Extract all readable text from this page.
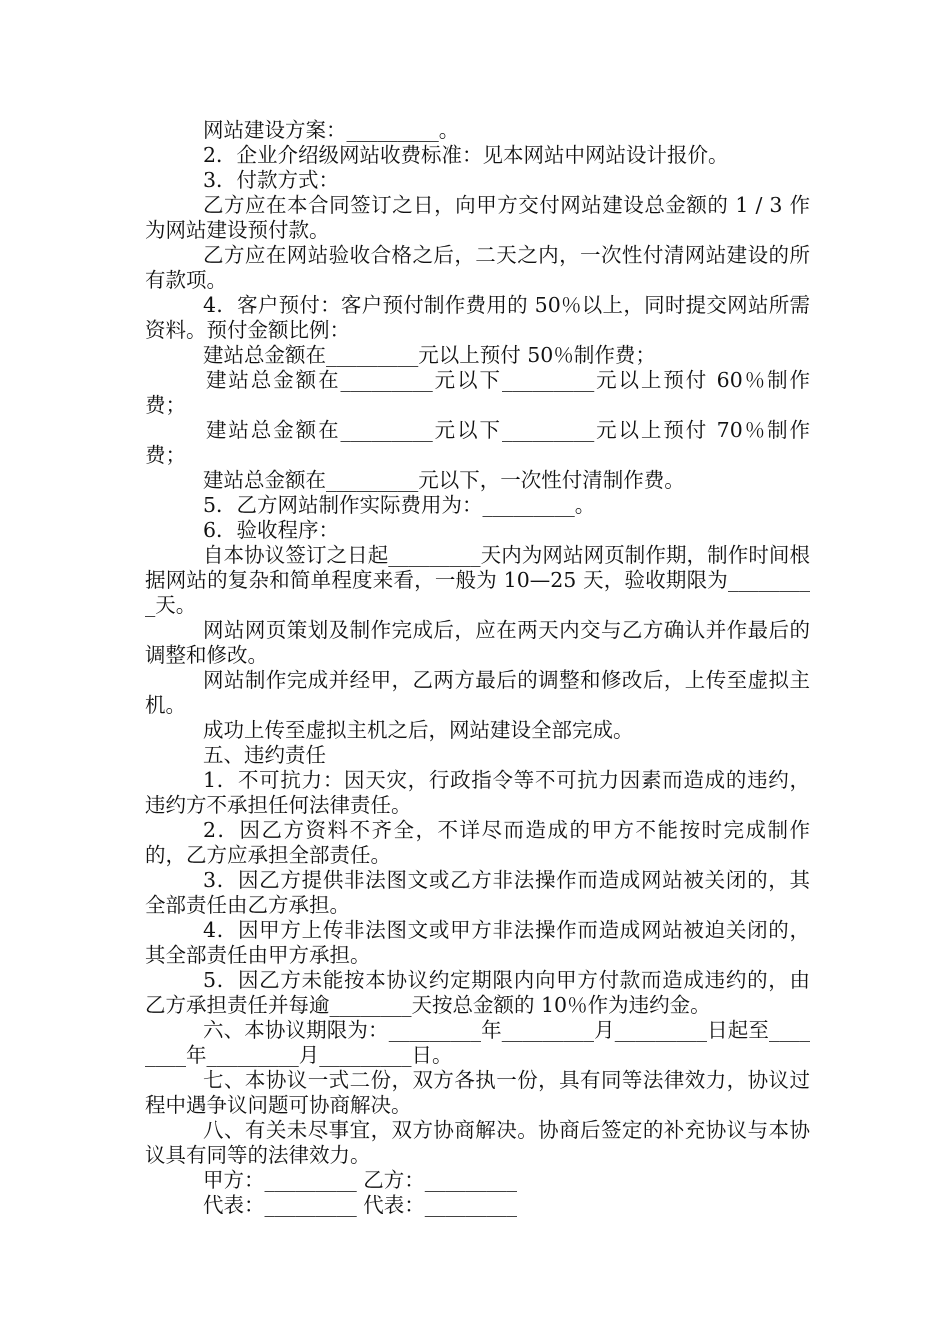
网站建设方案：_________。

2．企业介绍级网站收费标准：见本网站中网站设计报价。

3．付款方式：

乙方应在本合同签订之日，向甲方交付网站建设总金额的 1 / 3 作为网站建设预付款。

乙方应在网站验收合格之后，二天之内，一次性付清网站建设的所有款项。

4．客户预付：客户预付制作费用的 50％以上，同时提交网站所需资料。预付金额比例：

建站总金额在_________元以上预付 50％制作费；

建站总金额在_________元以下_________元以上预付 60％制作费；

建站总金额在_________元以下_________元以上预付 70％制作费；

建站总金额在_________元以下，一次性付清制作费。

5．乙方网站制作实际费用为：_________。

6．验收程序：

自本协议签订之日起_________天内为网站网页制作期，制作时间根据网站的复杂和简单程度来看，一般为 10—25 天，验收期限为_________天。

网站网页策划及制作完成后，应在两天内交与乙方确认并作最后的调整和修改。

网站制作完成并经甲，乙两方最后的调整和修改后，上传至虚拟主机。

成功上传至虚拟主机之后，网站建设全部完成。

五、违约责任

1．不可抗力：因天灾，行政指令等不可抗力因素而造成的违约，违约方不承担任何法律责任。

2．因乙方资料不齐全，不详尽而造成的甲方不能按时完成制作的，乙方应承担全部责任。

3．因乙方提供非法图文或乙方非法操作而造成网站被关闭的，其全部责任由乙方承担。

4．因甲方上传非法图文或甲方非法操作而造成网站被迫关闭的，其全部责任由甲方承担。

5．因乙方未能按本协议约定期限内向甲方付款而造成违约的，由乙方承担责任并每逾________天按总金额的 10％作为违约金。

六、本协议期限为：_________年_________月_________日起至________年_________月_________日。

七、本协议一式二份，双方各执一份，具有同等法律效力，协议过程中遇争议问题可协商解决。

八、有关未尽事宜，双方协商解决。协商后签定的补充协议与本协议具有同等的法律效力。

甲方：_________ 乙方：_________

代表：_________ 代表：_________
